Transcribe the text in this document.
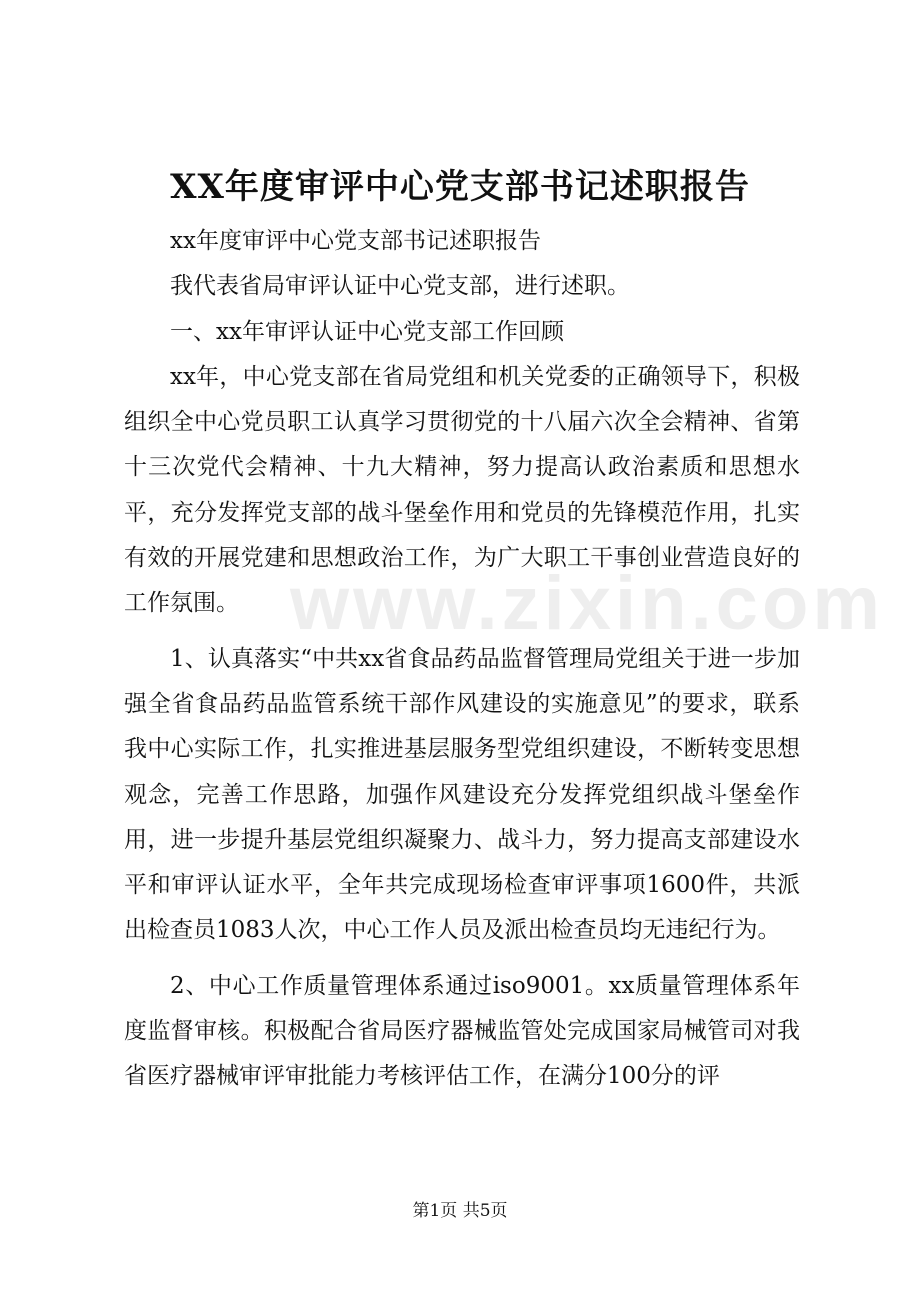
www.zixin.com
XX年度审评中心党支部书记述职报告

xx年度审评中心党支部书记述职报告

我代表省局审评认证中心党支部，进行述职。

一、xx年审评认证中心党支部工作回顾

xx年，中心党支部在省局党组和机关党委的正确领导下，积极组织全中心党员职工认真学习贯彻党的十八届六次全会精神、省第十三次党代会精神、十九大精神，努力提高认政治素质和思想水平，充分发挥党支部的战斗堡垒作用和党员的先锋模范作用，扎实有效的开展党建和思想政治工作，为广大职工干事创业营造良好的工作氛围。

1、认真落实“中共xx省食品药品监督管理局党组关于进一步加强全省食品药品监管系统干部作风建设的实施意见”的要求，联系我中心实际工作，扎实推进基层服务型党组织建设，不断转变思想观念，完善工作思路，加强作风建设充分发挥党组织战斗堡垒作用，进一步提升基层党组织凝聚力、战斗力，努力提高支部建设水平和审评认证水平，全年共完成现场检查审评事项1600件，共派出检查员1083人次，中心工作人员及派出检查员均无违纪行为。

2、中心工作质量管理体系通过iso9001。xx质量管理体系年度监督审核。积极配合省局医疗器械监管处完成国家局械管司对我省医疗器械审评审批能力考核评估工作，在满分100分的评

第1页 共5页
